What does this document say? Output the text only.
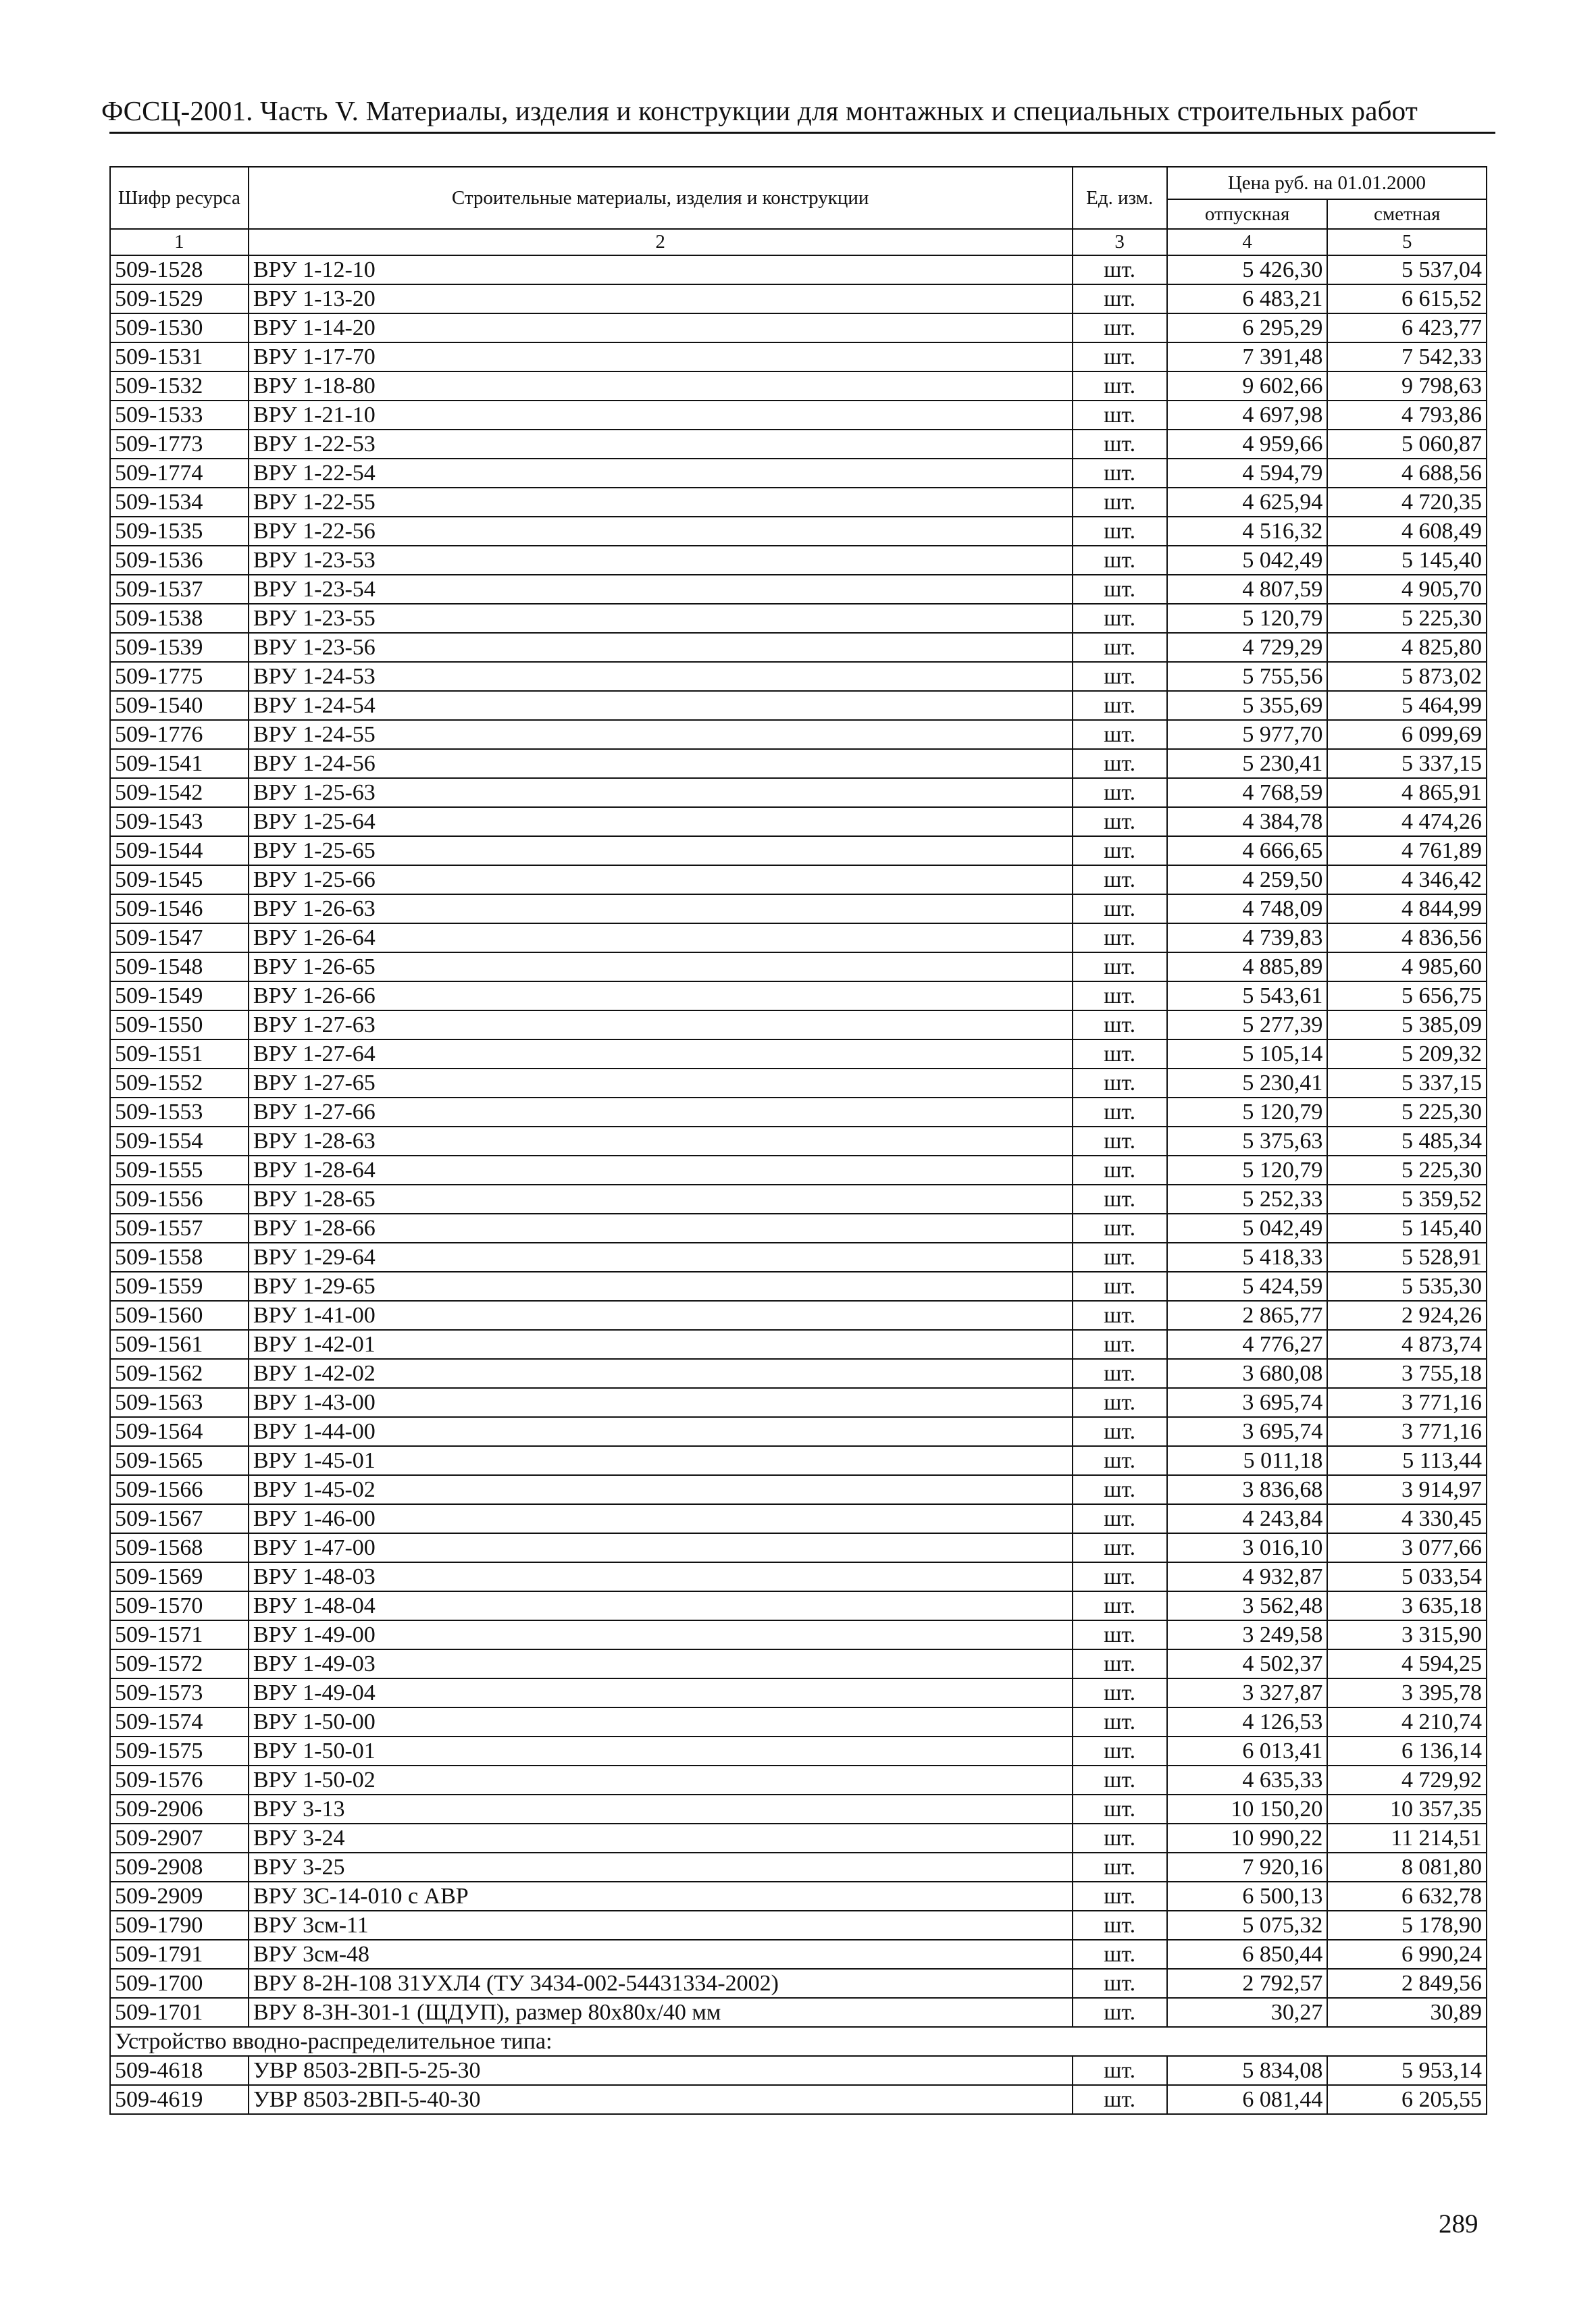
ФССЦ-2001. Часть V. Материалы, изделия и конструкции для монтажных и специальных строительных работ
Шифр ресурса	Строительные материалы, изделия и конструкции	Ед. изм.	Цена руб. на 01.01.2000	
			отпускная	сметная
1	2	3	4	5
509-1528	ВРУ 1-12-10	шт.	5 426,30	5 537,04
509-1529	ВРУ 1-13-20	шт.	6 483,21	6 615,52
509-1530	ВРУ 1-14-20	шт.	6 295,29	6 423,77
509-1531	ВРУ 1-17-70	шт.	7 391,48	7 542,33
509-1532	ВРУ 1-18-80	шт.	9 602,66	9 798,63
509-1533	ВРУ 1-21-10	шт.	4 697,98	4 793,86
509-1773	ВРУ 1-22-53	шт.	4 959,66	5 060,87
509-1774	ВРУ 1-22-54	шт.	4 594,79	4 688,56
509-1534	ВРУ 1-22-55	шт.	4 625,94	4 720,35
509-1535	ВРУ 1-22-56	шт.	4 516,32	4 608,49
509-1536	ВРУ 1-23-53	шт.	5 042,49	5 145,40
509-1537	ВРУ 1-23-54	шт.	4 807,59	4 905,70
509-1538	ВРУ 1-23-55	шт.	5 120,79	5 225,30
509-1539	ВРУ 1-23-56	шт.	4 729,29	4 825,80
509-1775	ВРУ 1-24-53	шт.	5 755,56	5 873,02
509-1540	ВРУ 1-24-54	шт.	5 355,69	5 464,99
509-1776	ВРУ 1-24-55	шт.	5 977,70	6 099,69
509-1541	ВРУ 1-24-56	шт.	5 230,41	5 337,15
509-1542	ВРУ 1-25-63	шт.	4 768,59	4 865,91
509-1543	ВРУ 1-25-64	шт.	4 384,78	4 474,26
509-1544	ВРУ 1-25-65	шт.	4 666,65	4 761,89
509-1545	ВРУ 1-25-66	шт.	4 259,50	4 346,42
509-1546	ВРУ 1-26-63	шт.	4 748,09	4 844,99
509-1547	ВРУ 1-26-64	шт.	4 739,83	4 836,56
509-1548	ВРУ 1-26-65	шт.	4 885,89	4 985,60
509-1549	ВРУ 1-26-66	шт.	5 543,61	5 656,75
509-1550	ВРУ 1-27-63	шт.	5 277,39	5 385,09
509-1551	ВРУ 1-27-64	шт.	5 105,14	5 209,32
509-1552	ВРУ 1-27-65	шт.	5 230,41	5 337,15
509-1553	ВРУ 1-27-66	шт.	5 120,79	5 225,30
509-1554	ВРУ 1-28-63	шт.	5 375,63	5 485,34
509-1555	ВРУ 1-28-64	шт.	5 120,79	5 225,30
509-1556	ВРУ 1-28-65	шт.	5 252,33	5 359,52
509-1557	ВРУ 1-28-66	шт.	5 042,49	5 145,40
509-1558	ВРУ 1-29-64	шт.	5 418,33	5 528,91
509-1559	ВРУ 1-29-65	шт.	5 424,59	5 535,30
509-1560	ВРУ 1-41-00	шт.	2 865,77	2 924,26
509-1561	ВРУ 1-42-01	шт.	4 776,27	4 873,74
509-1562	ВРУ 1-42-02	шт.	3 680,08	3 755,18
509-1563	ВРУ 1-43-00	шт.	3 695,74	3 771,16
509-1564	ВРУ 1-44-00	шт.	3 695,74	3 771,16
509-1565	ВРУ 1-45-01	шт.	5 011,18	5 113,44
509-1566	ВРУ 1-45-02	шт.	3 836,68	3 914,97
509-1567	ВРУ 1-46-00	шт.	4 243,84	4 330,45
509-1568	ВРУ 1-47-00	шт.	3 016,10	3 077,66
509-1569	ВРУ 1-48-03	шт.	4 932,87	5 033,54
509-1570	ВРУ 1-48-04	шт.	3 562,48	3 635,18
509-1571	ВРУ 1-49-00	шт.	3 249,58	3 315,90
509-1572	ВРУ 1-49-03	шт.	4 502,37	4 594,25
509-1573	ВРУ 1-49-04	шт.	3 327,87	3 395,78
509-1574	ВРУ 1-50-00	шт.	4 126,53	4 210,74
509-1575	ВРУ 1-50-01	шт.	6 013,41	6 136,14
509-1576	ВРУ 1-50-02	шт.	4 635,33	4 729,92
509-2906	ВРУ 3-13	шт.	10 150,20	10 357,35
509-2907	ВРУ 3-24	шт.	10 990,22	11 214,51
509-2908	ВРУ 3-25	шт.	7 920,16	8 081,80
509-2909	ВРУ 3С-14-010 с АВР	шт.	6 500,13	6 632,78
509-1790	ВРУ 3см-11	шт.	5 075,32	5 178,90
509-1791	ВРУ 3см-48	шт.	6 850,44	6 990,24
509-1700	ВРУ 8-2Н-108 31УХЛ4 (ТУ 3434-002-54431334-2002)	шт.	2 792,57	2 849,56
509-1701	ВРУ 8-3Н-301-1 (ЩДУП), размер 80х80х/40 мм	шт.	30,27	30,89
Устройство вводно-распределительное типа:				
509-4618	УВР 8503-2ВП-5-25-30	шт.	5 834,08	5 953,14
509-4619	УВР 8503-2ВП-5-40-30	шт.	6 081,44	6 205,55
289
